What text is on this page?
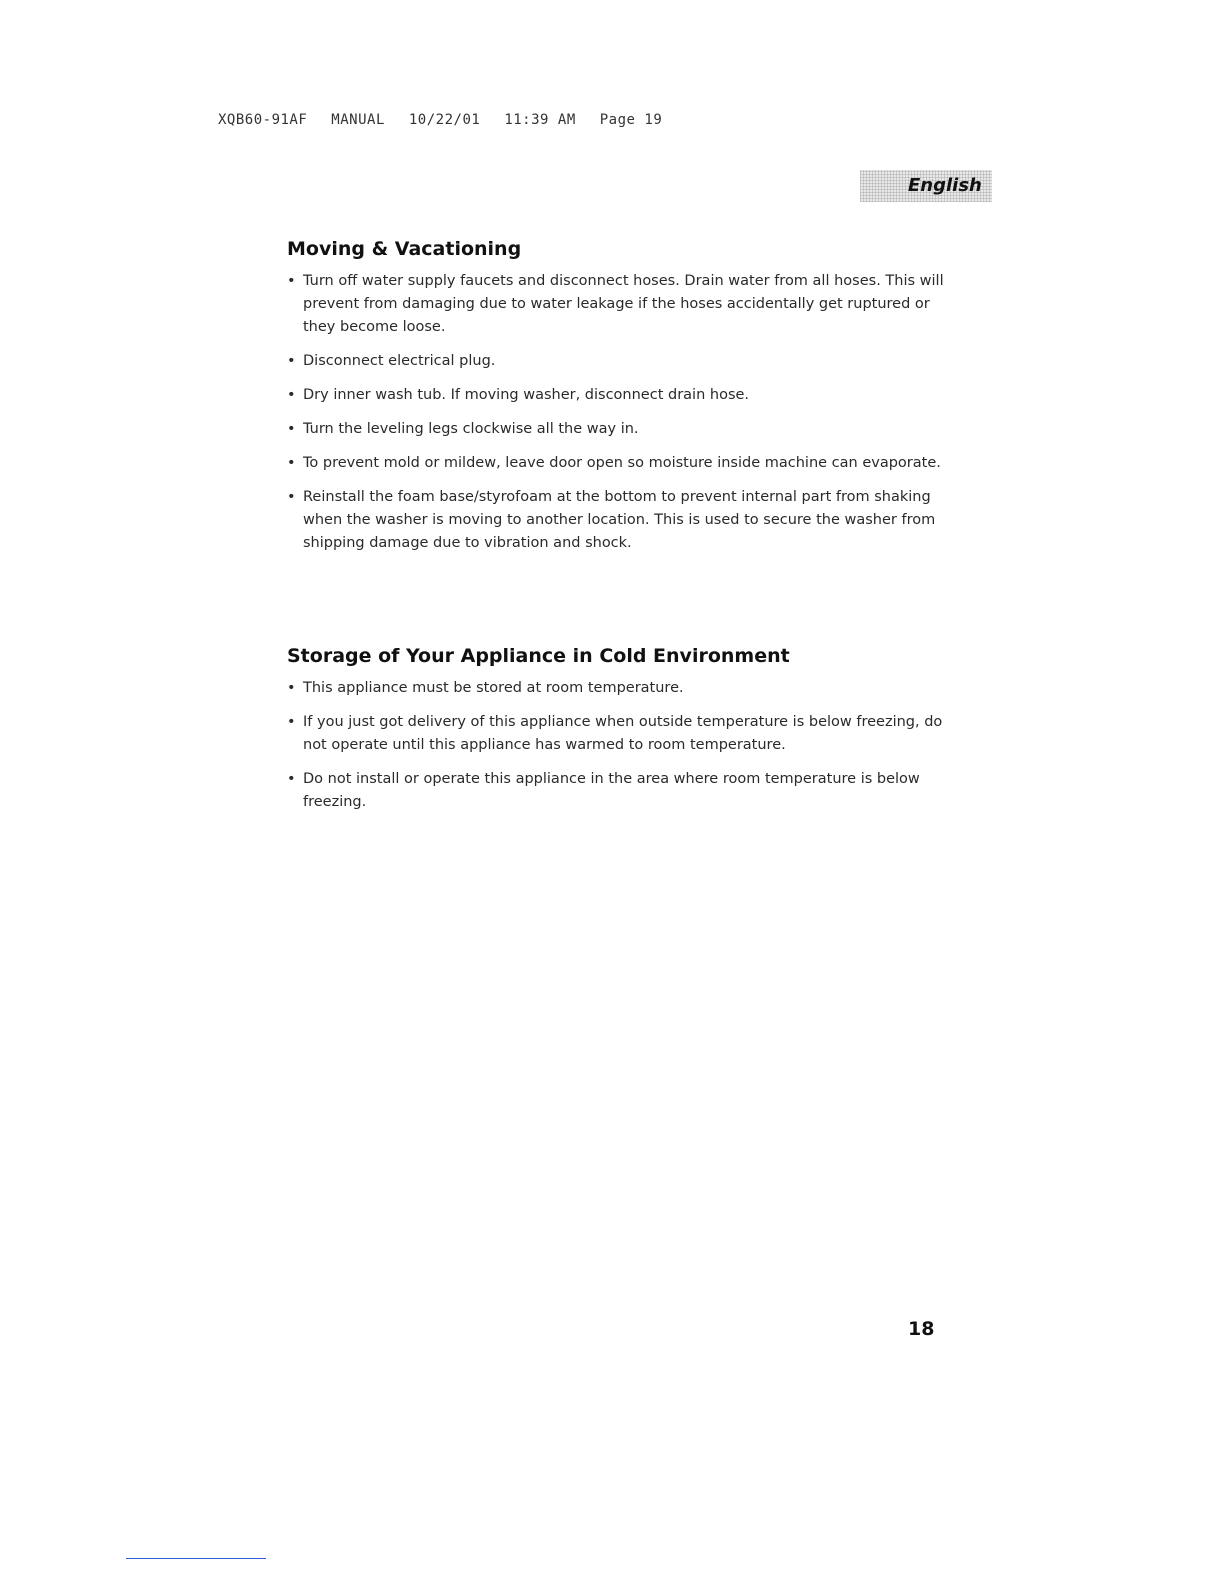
XQB60-91AF MANUAL 10/22/01 11:39 AM Page 19
English
Moving & Vacationing
• Turn off water supply faucets and disconnect hoses. Drain water from all hoses. This will prevent from damaging due to water leakage if the hoses accidentally get ruptured or they become loose.
• Disconnect electrical plug.
• Dry inner wash tub. If moving washer, disconnect drain hose.
• Turn the leveling legs clockwise all the way in.
• To prevent mold or mildew, leave door open so moisture inside machine can evaporate.
• Reinstall the foam base/styrofoam at the bottom to prevent internal part from shaking when the washer is moving to another location. This is used to secure the washer from shipping damage due to vibration and shock.
Storage of Your Appliance in Cold Environment
• This appliance must be stored at room temperature.
• If you just got delivery of this appliance when outside temperature is below freezing, do not operate until this appliance has warmed to room temperature.
• Do not install or operate this appliance in the area where room temperature is below freezing.
18
